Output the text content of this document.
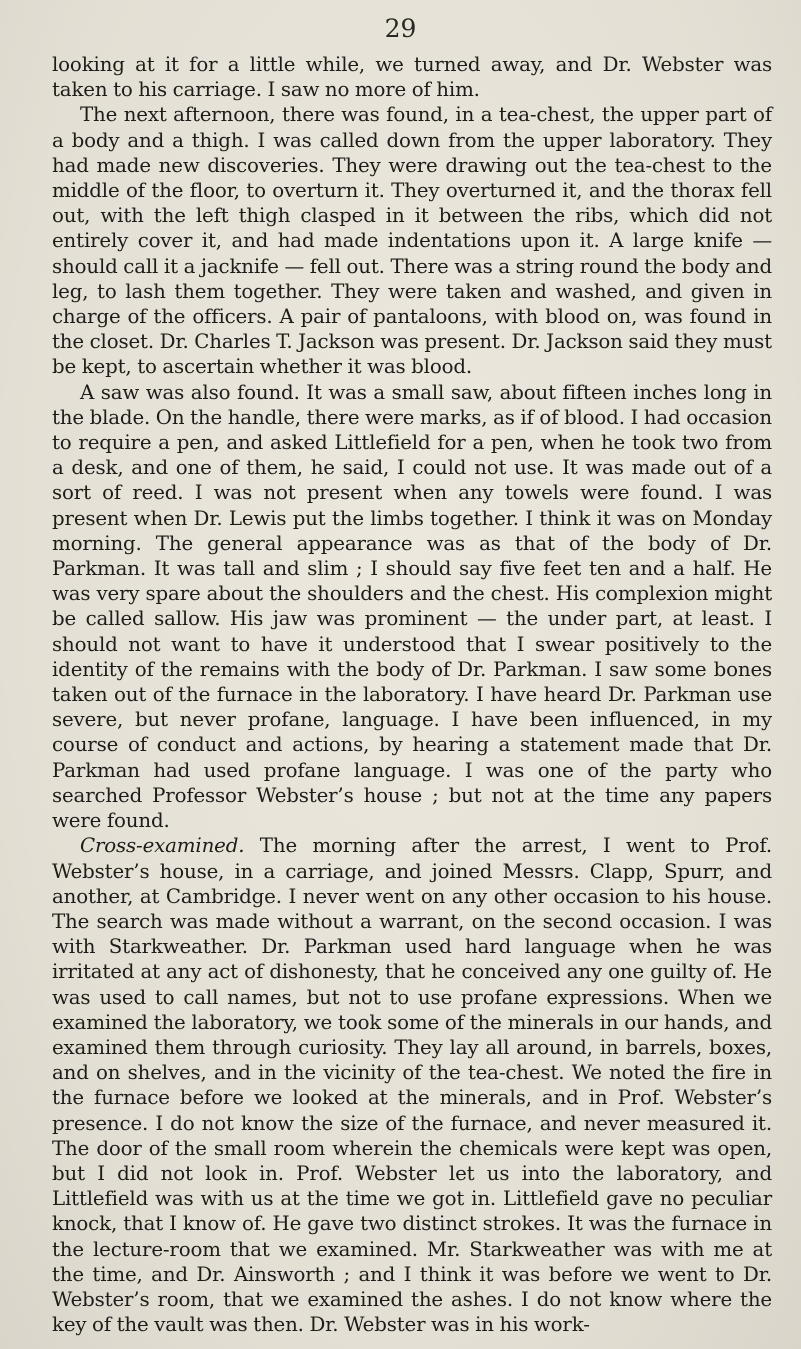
29

looking at it for a little while, we turned away, and Dr. Webster was taken to his carriage. I saw no more of him.

The next afternoon, there was found, in a tea-chest, the upper part of a body and a thigh. I was called down from the upper laboratory. They had made new discoveries. They were drawing out the tea-chest to the middle of the floor, to overturn it. They overturned it, and the thorax fell out, with the left thigh clasped in it between the ribs, which did not entirely cover it, and had made indentations upon it. A large knife — should call it a jacknife — fell out. There was a string round the body and leg, to lash them together. They were taken and washed, and given in charge of the officers. A pair of pantaloons, with blood on, was found in the closet. Dr. Charles T. Jackson was present. Dr. Jackson said they must be kept, to ascertain whether it was blood.

A saw was also found. It was a small saw, about fifteen inches long in the blade. On the handle, there were marks, as if of blood. I had occasion to require a pen, and asked Littlefield for a pen, when he took two from a desk, and one of them, he said, I could not use. It was made out of a sort of reed. I was not present when any towels were found. I was present when Dr. Lewis put the limbs together. I think it was on Monday morning. The general appearance was as that of the body of Dr. Parkman. It was tall and slim ; I should say five feet ten and a half. He was very spare about the shoulders and the chest. His complexion might be called sallow. His jaw was prominent — the under part, at least. I should not want to have it understood that I swear positively to the identity of the remains with the body of Dr. Parkman. I saw some bones taken out of the furnace in the laboratory. I have heard Dr. Parkman use severe, but never profane, language. I have been influenced, in my course of conduct and actions, by hearing a statement made that Dr. Parkman had used profane language. I was one of the party who searched Professor Webster’s house ; but not at the time any papers were found.

Cross-examined. The morning after the arrest, I went to Prof. Webster’s house, in a carriage, and joined Messrs. Clapp, Spurr, and another, at Cambridge. I never went on any other occasion to his house. The search was made without a warrant, on the second occasion. I was with Starkweather. Dr. Parkman used hard language when he was irritated at any act of dishonesty, that he conceived any one guilty of. He was used to call names, but not to use profane expressions. When we examined the laboratory, we took some of the minerals in our hands, and examined them through curiosity. They lay all around, in barrels, boxes, and on shelves, and in the vicinity of the tea-chest. We noted the fire in the furnace before we looked at the minerals, and in Prof. Webster’s presence. I do not know the size of the furnace, and never measured it. The door of the small room wherein the chemicals were kept was open, but I did not look in. Prof. Webster let us into the laboratory, and Littlefield was with us at the time we got in. Littlefield gave no peculiar knock, that I know of. He gave two distinct strokes. It was the furnace in the lecture-room that we examined. Mr. Starkweather was with me at the time, and Dr. Ainsworth ; and I think it was before we went to Dr. Webster’s room, that we examined the ashes. I do not know where the key of the vault was then. Dr. Webster was in his work-
